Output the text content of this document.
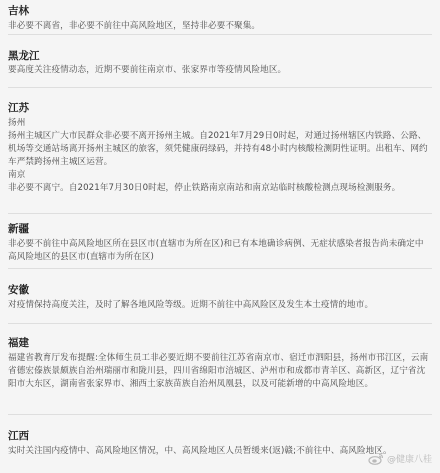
吉林

非必要不离省，非必要不前往中高风险地区，坚持非必要不聚集。

黑龙江

要高度关注疫情动态，近期不要前往南京市、张家界市等疫情风险地区。

江苏

扬州

扬州主城区广大市民群众非必要不离开扬州主城。自2021年7月29日0时起，对通过扬州辖区内铁路、公路、机场等交通站场离开扬州主城区的旅客，须凭健康码绿码，并持有48小时内核酸检测阴性证明。出租车、网约车严禁跨扬州主城区运营。

南京

非必要不离宁。自2021年7月30日0时起，停止铁路南京南站和南京站临时核酸检测点现场检测服务。

新疆

非必要不前往中高风险地区所在县区市(直辖市为所在区)和已有本地确诊病例、无症状感染者报告尚未确定中高风险地区的县区市(直辖市为所在区)

安徽

对疫情保持高度关注，及时了解各地风险等级。近期不前往中高风险区及发生本土疫情的地市。

福建

福建省教育厅发布提醒:全体师生员工非必要近期不要前往江苏省南京市、宿迁市泗阳县，扬州市邗江区，云南省德宏傣族景颇族自治州瑞丽市和陇川县，四川省绵阳市涪城区、泸州市和成都市青羊区、高新区，辽宁省沈阳市大东区，湖南省张家界市、湘西土家族苗族自治州凤凰县，以及可能新增的中高风险地区。

江西

实时关注国内疫情中、高风险地区情况，中、高风险地区人员暂缓来(返)赣;不前往中、高风险地区。

@健康八桂
